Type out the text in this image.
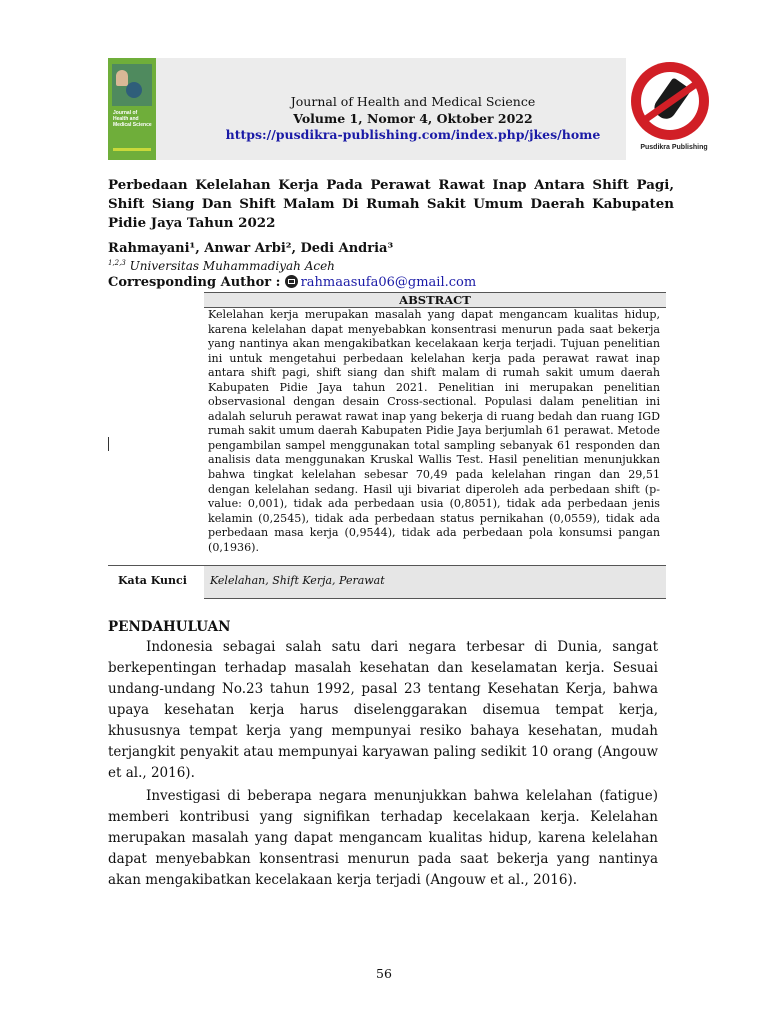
Journal of Health and Medical Science
Journal of Health and Medical Science
Volume 1, Nomor 4, Oktober 2022
https://pusdikra-publishing.com/index.php/jkes/home
Pusdikra Publishing
Perbedaan Kelelahan Kerja Pada Perawat Rawat Inap Antara Shift Pagi, Shift Siang Dan Shift Malam Di Rumah Sakit Umum Daerah Kabupaten Pidie Jaya Tahun 2022
Rahmayani¹, Anwar Arbi², Dedi Andria³
$^{1,2,3}$ Universitas Muhammadiyah Aceh
Corresponding Author : rahmaasufa06@gmail.com
ABSTRACT
Kelelahan kerja merupakan masalah yang dapat mengancam kualitas hidup, karena kelelahan dapat menyebabkan konsentrasi menurun pada saat bekerja yang nantinya akan mengakibatkan kecelakaan kerja terjadi. Tujuan penelitian ini untuk mengetahui perbedaan kelelahan kerja pada perawat rawat inap antara shift pagi, shift siang dan shift malam di rumah sakit umum daerah Kabupaten Pidie Jaya tahun 2021. Penelitian ini merupakan penelitian observasional dengan desain Cross-sectional. Populasi dalam penelitian ini adalah seluruh perawat rawat inap yang bekerja di ruang bedah dan ruang IGD rumah sakit umum daerah Kabupaten Pidie Jaya berjumlah 61 perawat. Metode pengambilan sampel menggunakan total sampling sebanyak 61 responden dan analisis data menggunakan Kruskal Wallis Test. Hasil penelitian menunjukkan bahwa tingkat kelelahan sebesar 70,49 pada kelelahan ringan dan 29,51 dengan kelelahan sedang. Hasil uji bivariat diperoleh ada perbedaan shift (p-value: 0,001), tidak ada perbedaan usia (0,8051), tidak ada perbedaan jenis kelamin (0,2545), tidak ada perbedaan status pernikahan (0,0559), tidak ada perbedaan masa kerja (0,9544), tidak ada perbedaan pola konsumsi pangan (0,1936).
Kata Kunci Kelelahan, Shift Kerja, Perawat
PENDAHULUAN
Indonesia sebagai salah satu dari negara terbesar di Dunia, sangat berkepentingan terhadap masalah kesehatan dan keselamatan kerja. Sesuai undang-undang No.23 tahun 1992, pasal 23 tentang Kesehatan Kerja, bahwa upaya kesehatan kerja harus diselenggarakan disemua tempat kerja, khususnya tempat kerja yang mempunyai resiko bahaya kesehatan, mudah terjangkit penyakit atau mempunyai karyawan paling sedikit 10 orang (Angouw et al., 2016).
Investigasi di beberapa negara menunjukkan bahwa kelelahan (fatigue) memberi kontribusi yang signifikan terhadap kecelakaan kerja. Kelelahan merupakan masalah yang dapat mengancam kualitas hidup, karena kelelahan dapat menyebabkan konsentrasi menurun pada saat bekerja yang nantinya akan mengakibatkan kecelakaan kerja terjadi (Angouw et al., 2016).
56
